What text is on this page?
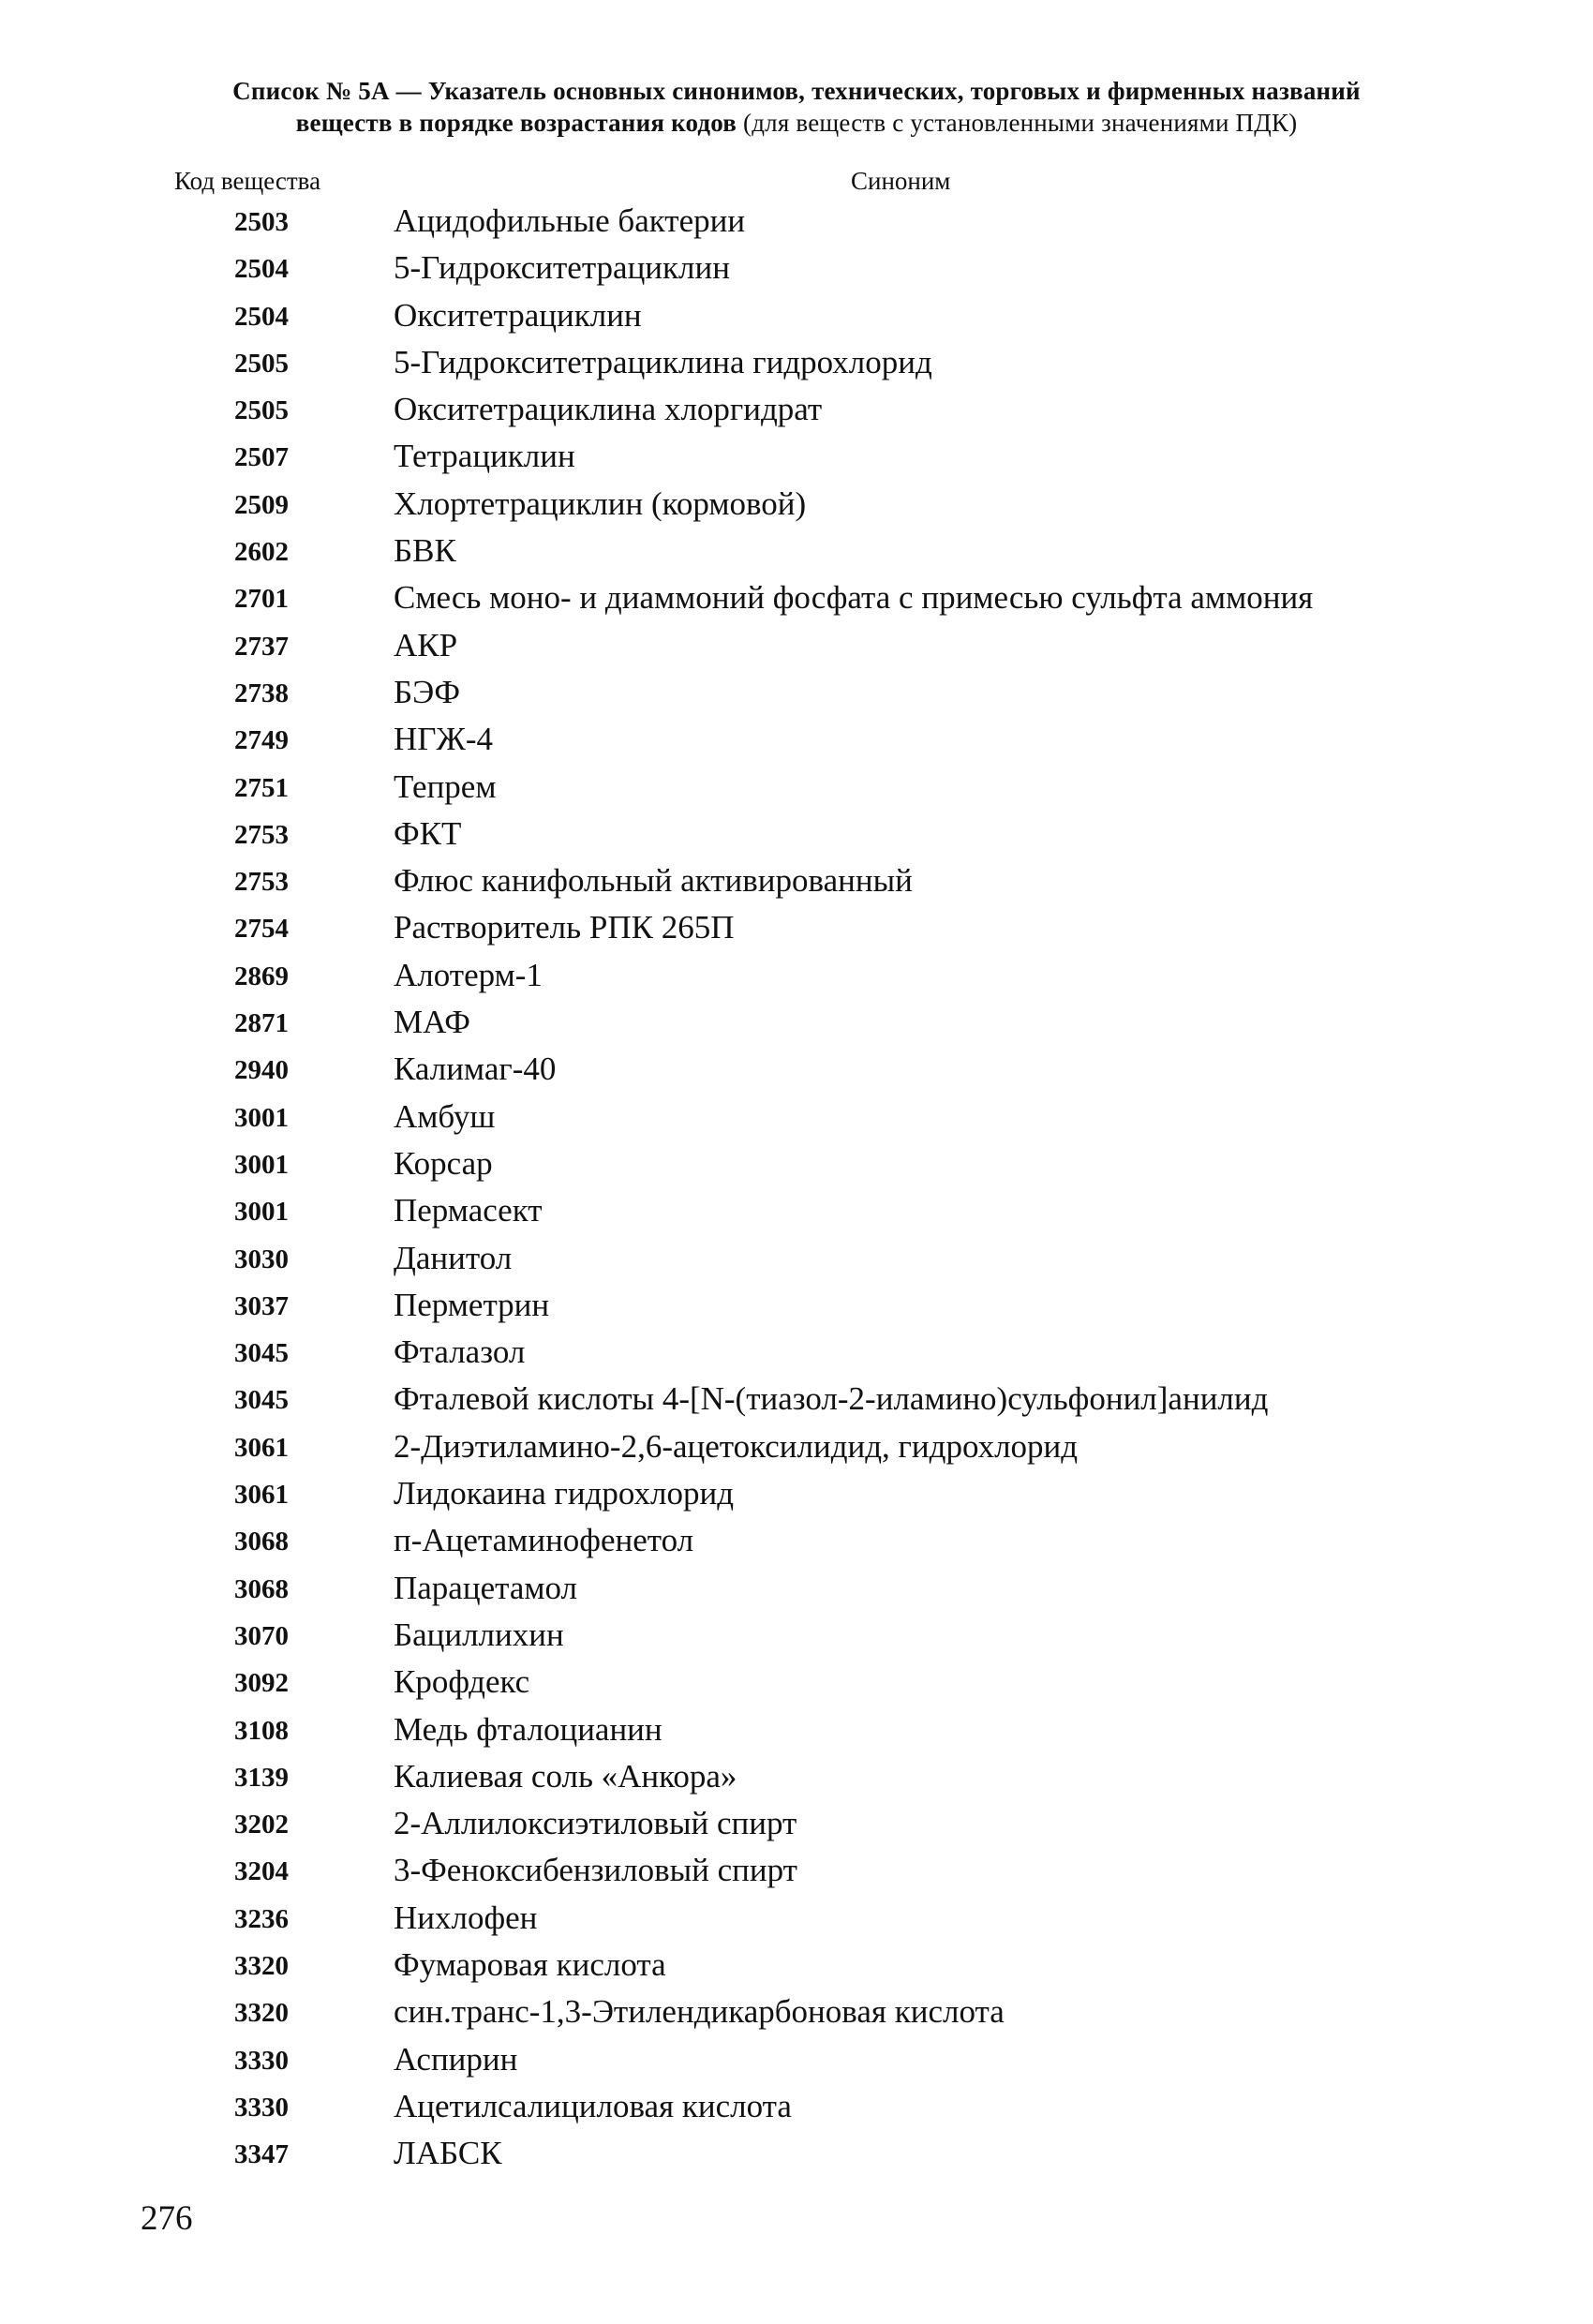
Список № 5А — Указатель основных синонимов, технических, торговых и фирменных названий
веществ в порядке возрастания кодов (для веществ с установленными значениями ПДК)
Код вещества	Синоним
2503	Ацидофильные бактерии
2504	5-Гидрокситетрациклин
2504	Окситетрациклин
2505	5-Гидрокситетрациклина гидрохлорид
2505	Окситетрациклина хлоргидрат
2507	Тетрациклин
2509	Хлортетрациклин (кормовой)
2602	БВК
2701	Смесь моно- и диаммоний фосфата с примесью сульфта аммония
2737	АКР
2738	БЭФ
2749	НГЖ-4
2751	Тепрем
2753	ФКТ
2753	Флюс канифольный активированный
2754	Растворитель РПК 265П
2869	Алотерм-1
2871	МАФ
2940	Калимаг-40
3001	Амбуш
3001	Корсар
3001	Пермасект
3030	Данитол
3037	Перметрин
3045	Фталазол
3045	Фталевой кислоты 4-[N-(тиазол-2-иламино)сульфонил]анилид
3061	2-Диэтиламино-2,6-ацетоксилидид, гидрохлорид
3061	Лидокаина гидрохлорид
3068	п-Ацетаминофенетол
3068	Парацетамол
3070	Бациллихин
3092	Крофдекс
3108	Медь фталоцианин
3139	Калиевая соль «Анкора»
3202	2-Аллилоксиэтиловый спирт
3204	3-Феноксибензиловый спирт
3236	Нихлофен
3320	Фумаровая кислота
3320	син.транс-1,3-Этилендикарбоновая кислота
3330	Аспирин
3330	Ацетилсалициловая кислота
3347	ЛАБСК
276
